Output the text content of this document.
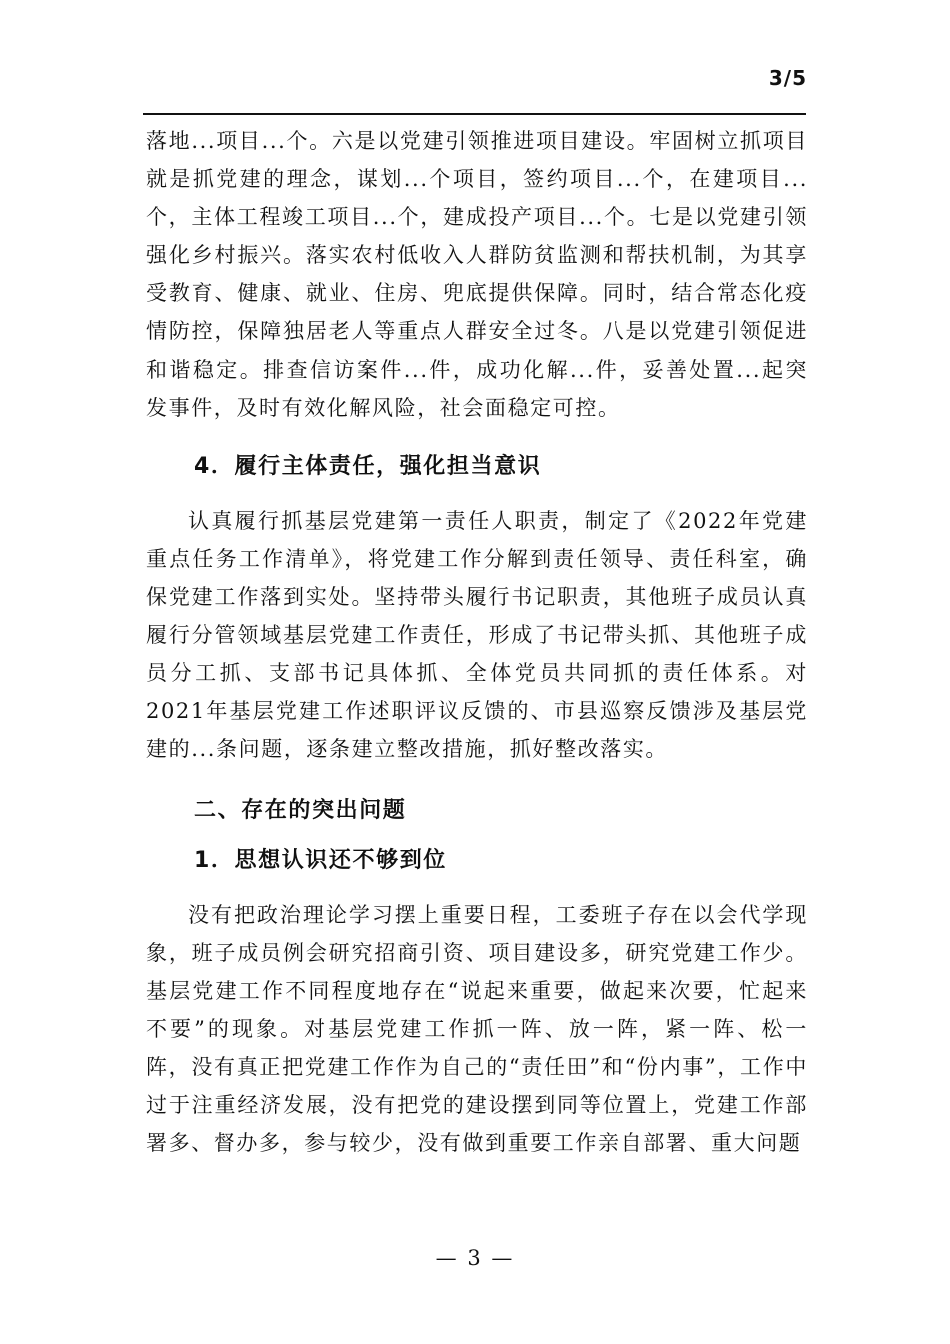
3/5

落地...项目...个。六是以党建引领推进项目建设。牢固树立抓项目就是抓党建的理念，谋划...个项目，签约项目...个，在建项目...个，主体工程竣工项目...个，建成投产项目...个。七是以党建引领强化乡村振兴。落实农村低收入人群防贫监测和帮扶机制，为其享受教育、健康、就业、住房、兜底提供保障。同时，结合常态化疫情防控，保障独居老人等重点人群安全过冬。八是以党建引领促进和谐稳定。排查信访案件...件，成功化解...件，妥善处置...起突发事件，及时有效化解风险，社会面稳定可控。

4．履行主体责任，强化担当意识

认真履行抓基层党建第一责任人职责，制定了《2022年党建重点任务工作清单》，将党建工作分解到责任领导、责任科室，确保党建工作落到实处。坚持带头履行书记职责，其他班子成员认真履行分管领域基层党建工作责任，形成了书记带头抓、其他班子成员分工抓、支部书记具体抓、全体党员共同抓的责任体系。对2021年基层党建工作述职评议反馈的、市县巡察反馈涉及基层党建的...条问题，逐条建立整改措施，抓好整改落实。

二、存在的突出问题
1．思想认识还不够到位

没有把政治理论学习摆上重要日程，工委班子存在以会代学现象，班子成员例会研究招商引资、项目建设多，研究党建工作少。基层党建工作不同程度地存在“说起来重要，做起来次要，忙起来不要”的现象。对基层党建工作抓一阵、放一阵，紧一阵、松一阵，没有真正把党建工作作为自己的“责任田”和“份内事”，工作中过于注重经济发展，没有把党的建设摆到同等位置上，党建工作部署多、督办多，参与较少，没有做到重要工作亲自部署、重大问题

— 3 —
